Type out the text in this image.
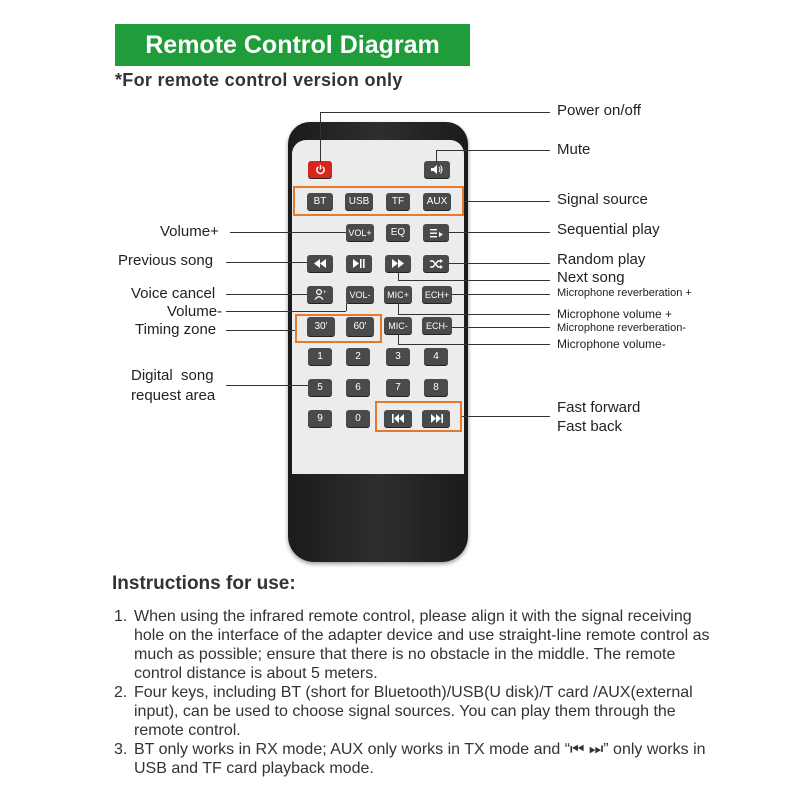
Remote Control Diagram
*For remote control version only
BT	USB	TF	AUX
VOL+	EQ
+	VOL-	MIC+	ECH+
30'	60'	MIC-	ECH-
1	2	3	4
5	6	7	8
9	0
Power on/off
Mute
Signal source
Sequential play
Random play
Next song
Microphone reverberation +
Microphone volume +
Microphone reverberation-
Microphone volume-
Fast forward
Fast back
Volume+
Previous song
Voice cancel
Volume-
Timing zone
Digital  song
request area
Instructions for use:
1. When using the infrared remote control, please align it with the signal receiving hole on the interface of the adapter device and use straight-line remote control as much as possible; ensure that there is no obstacle in the middle. The remote control distance is about 5 meters.
2. Four keys, including BT (short for Bluetooth)/USB(U disk)/T card /AUX(external input), can be used to choose signal sources. You can play them through the remote control.
3. BT only works in RX mode; AUX only works in TX mode and “⏮ ⏭” only works in USB and TF card playback mode.
